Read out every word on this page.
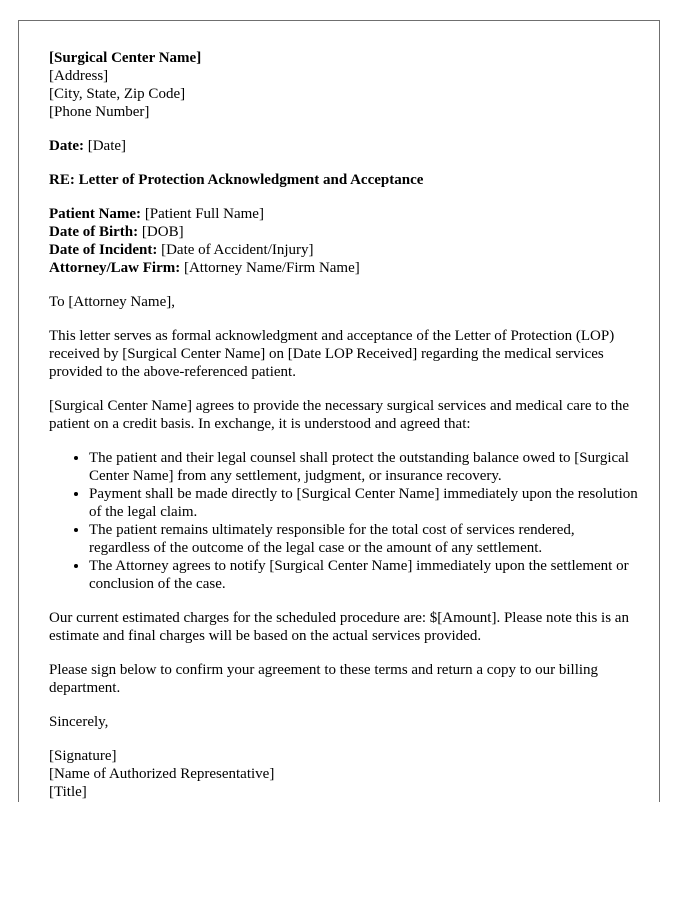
[Surgical Center Name]
[Address]
[City, State, Zip Code]
[Phone Number]
Date: [Date]
RE: Letter of Protection Acknowledgment and Acceptance
Patient Name: [Patient Full Name]
Date of Birth: [DOB]
Date of Incident: [Date of Accident/Injury]
Attorney/Law Firm: [Attorney Name/Firm Name]

To [Attorney Name],

This letter serves as formal acknowledgment and acceptance of the Letter of Protection (LOP) received by [Surgical Center Name] on [Date LOP Received] regarding the medical services provided to the above-referenced patient.

[Surgical Center Name] agrees to provide the necessary surgical services and medical care to the patient on a credit basis. In exchange, it is understood and agreed that:

• The patient and their legal counsel shall protect the outstanding balance owed to [Surgical Center Name] from any settlement, judgment, or insurance recovery.
• Payment shall be made directly to [Surgical Center Name] immediately upon the resolution of the legal claim.
• The patient remains ultimately responsible for the total cost of services rendered, regardless of the outcome of the legal case or the amount of any settlement.
• The Attorney agrees to notify [Surgical Center Name] immediately upon the settlement or conclusion of the case.

Our current estimated charges for the scheduled procedure are: $[Amount]. Please note this is an estimate and final charges will be based on the actual services provided.

Please sign below to confirm your agreement to these terms and return a copy to our billing department.

Sincerely,

[Signature]
[Name of Authorized Representative]
[Title]
